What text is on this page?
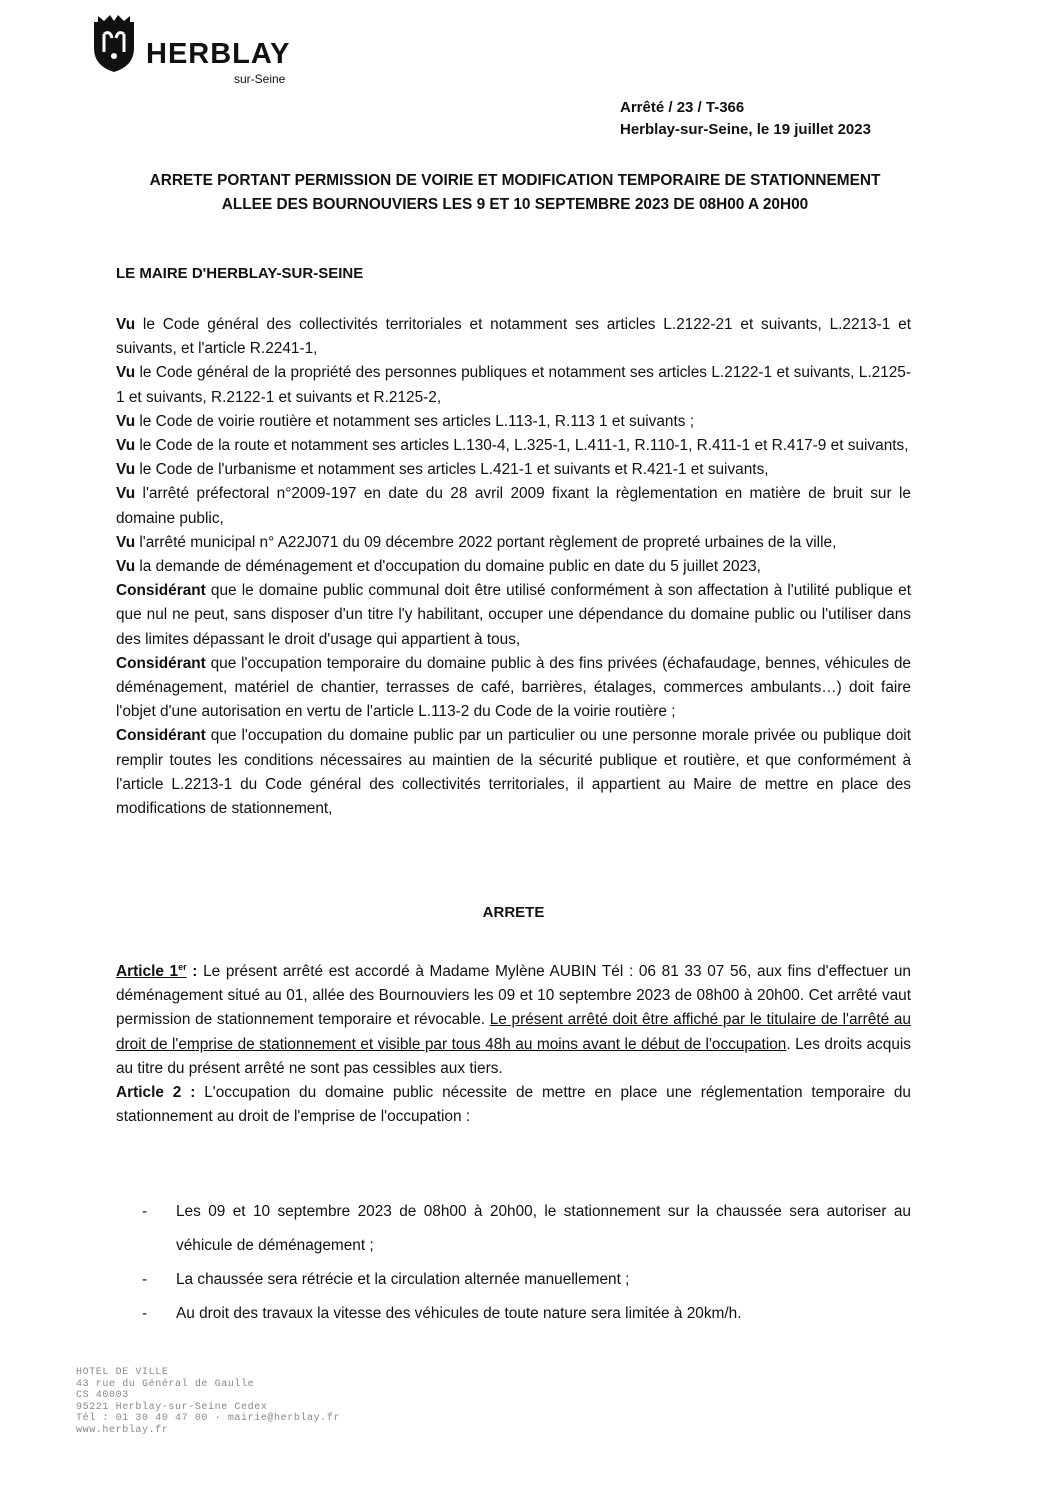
HERBLAY
sur-Seine
Arrêté / 23 / T-366
Herblay-sur-Seine, le 19 juillet 2023
ARRETE PORTANT PERMISSION DE VOIRIE ET MODIFICATION TEMPORAIRE DE STATIONNEMENT
ALLEE DES BOURNOUVIERS LES 9 ET 10 SEPTEMBRE 2023 DE 08H00 A 20H00
LE MAIRE D'HERBLAY-SUR-SEINE

Vu le Code général des collectivités territoriales et notamment ses articles L.2122-21 et suivants, L.2213-1 et suivants, et l'article R.2241-1,

Vu le Code général de la propriété des personnes publiques et notamment ses articles L.2122-1 et suivants, L.2125-1 et suivants, R.2122-1 et suivants et R.2125-2,

Vu le Code de voirie routière et notamment ses articles L.113-1, R.113 1 et suivants ;

Vu le Code de la route et notamment ses articles L.130-4, L.325-1, L.411-1, R.110-1, R.411-1 et R.417-9 et suivants,

Vu le Code de l'urbanisme et notamment ses articles L.421-1 et suivants et R.421-1 et suivants,

Vu l'arrêté préfectoral n°2009-197 en date du 28 avril 2009 fixant la règlementation en matière de bruit sur le domaine public,

Vu l'arrêté municipal n° A22J071 du 09 décembre 2022 portant règlement de propreté urbaines de la ville,

Vu la demande de déménagement et d'occupation du domaine public en date du 5 juillet 2023,

Considérant que le domaine public communal doit être utilisé conformément à son affectation à l'utilité publique et que nul ne peut, sans disposer d'un titre l'y habilitant, occuper une dépendance du domaine public ou l'utiliser dans des limites dépassant le droit d'usage qui appartient à tous,

Considérant que l'occupation temporaire du domaine public à des fins privées (échafaudage, bennes, véhicules de déménagement, matériel de chantier, terrasses de café, barrières, étalages, commerces ambulants…) doit faire l'objet d'une autorisation en vertu de l'article L.113-2 du Code de la voirie routière ;

Considérant que l'occupation du domaine public par un particulier ou une personne morale privée ou publique doit remplir toutes les conditions nécessaires au maintien de la sécurité publique et routière, et que conformément à l'article L.2213-1 du Code général des collectivités territoriales, il appartient au Maire de mettre en place des modifications de stationnement,

ARRETE

Article 1er : Le présent arrêté est accordé à Madame Mylène AUBIN Tél : 06 81 33 07 56, aux fins d'effectuer un déménagement situé au 01, allée des Bournouviers les 09 et 10 septembre 2023 de 08h00 à 20h00. Cet arrêté vaut permission de stationnement temporaire et révocable. Le présent arrêté doit être affiché par le titulaire de l'arrêté au droit de l'emprise de stationnement et visible par tous 48h au moins avant le début de l'occupation. Les droits acquis au titre du présent arrêté ne sont pas cessibles aux tiers.

Article 2 : L'occupation du domaine public nécessite de mettre en place une réglementation temporaire du stationnement au droit de l'emprise de l'occupation :

- Les 09 et 10 septembre 2023 de 08h00 à 20h00, le stationnement sur la chaussée sera autoriser au véhicule de déménagement ;
- La chaussée sera rétrécie et la circulation alternée manuellement ;
- Au droit des travaux la vitesse des véhicules de toute nature sera limitée à 20km/h.
HOTEL DE VILLE
43 rue du Général de Gaulle
CS 40003
95221 Herblay-sur-Seine Cedex
Tél : 01 30 40 47 00 · mairie@herblay.fr
www.herblay.fr
